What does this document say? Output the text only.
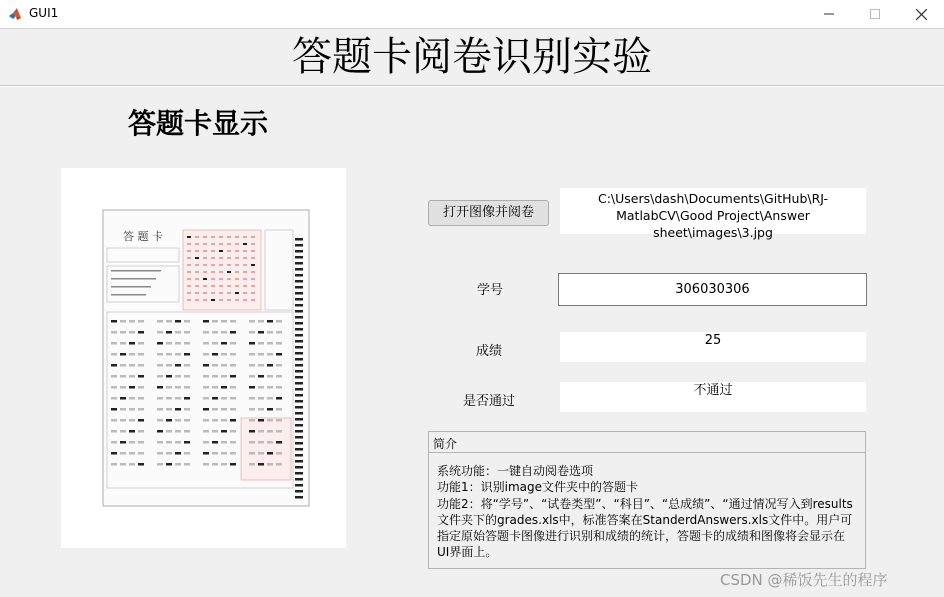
GUI1
答题卡阅卷识别实验
答题卡显示
答 题 卡
打开图像并阅卷
C:\Users\dash\Documents\GitHub\RJ-MatlabCV\Good Project\Answer sheet\images\3.jpg
学号	306030306
成绩
25
是否通过
不通过
简介
系统功能：一键自动阅卷选项
功能1：识别image文件夹中的答题卡
功能2：将“学号”、“试卷类型”、“科目”、“总成绩”、“通过情况写入到results文件夹下的grades.xls中，标准答案在StanderdAnswers.xls文件中。用户可指定原始答题卡图像进行识别和成绩的统计，答题卡的成绩和图像将会显示在UI界面上。
CSDN @稀饭先生的程序
